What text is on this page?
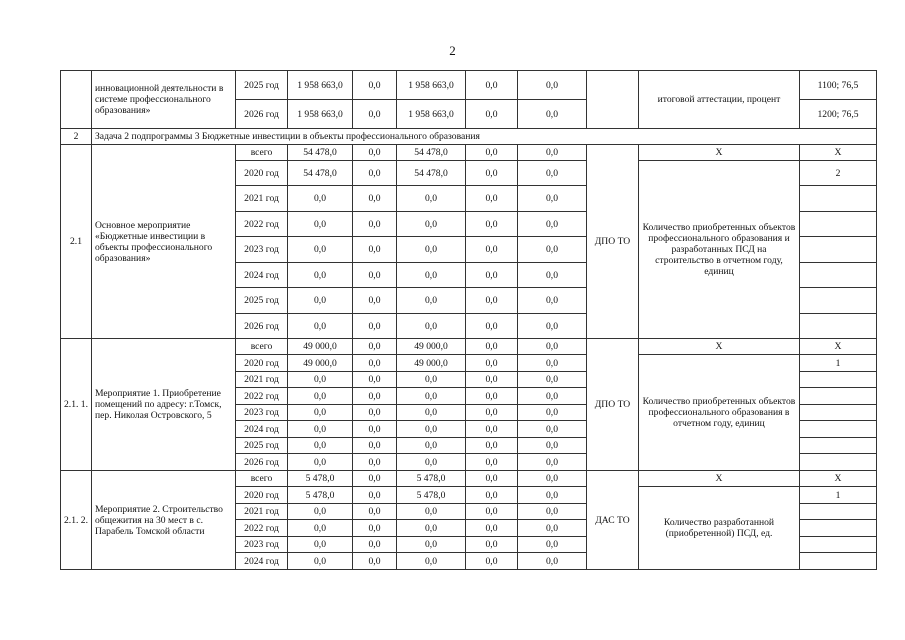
2
	инновационной деятельности в системе профессионального образования»	2025 год	1 958 663,0	0,0	1 958 663,0	0,0	0,0		итоговой аттестации, процент	1100; 76,5
		2026 год	1 958 663,0	0,0	1 958 663,0	0,0	0,0			1200; 76,5
2	Задача 2 подпрограммы 3 Бюджетные инвестиции в объекты профессионального образования									
2.1	Основное мероприятие «Бюджетные инвестиции в объекты профессионального образования»	всего	54 478,0	0,0	54 478,0	0,0	0,0	ДПО ТО	Х	Х
		2020 год	54 478,0	0,0	54 478,0	0,0	0,0		Количество приобретенных объектов профессионального образования и разработанных ПСД на строительство в отчетном году, единиц	2
		2021 год	0,0	0,0	0,0	0,0	0,0			
		2022 год	0,0	0,0	0,0	0,0	0,0			
		2023 год	0,0	0,0	0,0	0,0	0,0			
		2024 год	0,0	0,0	0,0	0,0	0,0			
		2025 год	0,0	0,0	0,0	0,0	0,0			
		2026 год	0,0	0,0	0,0	0,0	0,0			
2.1. 1.	Мероприятие 1. Приобретение помещений по адресу: г.Томск, пер. Николая Островского, 5	всего	49 000,0	0,0	49 000,0	0,0	0,0	ДПО ТО	Х	Х
		2020 год	49 000,0	0,0	49 000,0	0,0	0,0		Количество приобретенных объектов профессионального образования в отчетном году, единиц	1
		2021 год	0,0	0,0	0,0	0,0	0,0			
		2022 год	0,0	0,0	0,0	0,0	0,0			
		2023 год	0,0	0,0	0,0	0,0	0,0			
		2024 год	0,0	0,0	0,0	0,0	0,0			
		2025 год	0,0	0,0	0,0	0,0	0,0			
		2026 год	0,0	0,0	0,0	0,0	0,0			
2.1. 2.	Мероприятие 2. Строительство общежития на 30 мест в с. Парабель Томской области	всего	5 478,0	0,0	5 478,0	0,0	0,0	ДАС ТО	Х	Х
		2020 год	5 478,0	0,0	5 478,0	0,0	0,0		Количество разработанной (приобретенной) ПСД, ед.	1
		2021 год	0,0	0,0	0,0	0,0	0,0			
		2022 год	0,0	0,0	0,0	0,0	0,0			
		2023 год	0,0	0,0	0,0	0,0	0,0			
		2024 год	0,0	0,0	0,0	0,0	0,0			
